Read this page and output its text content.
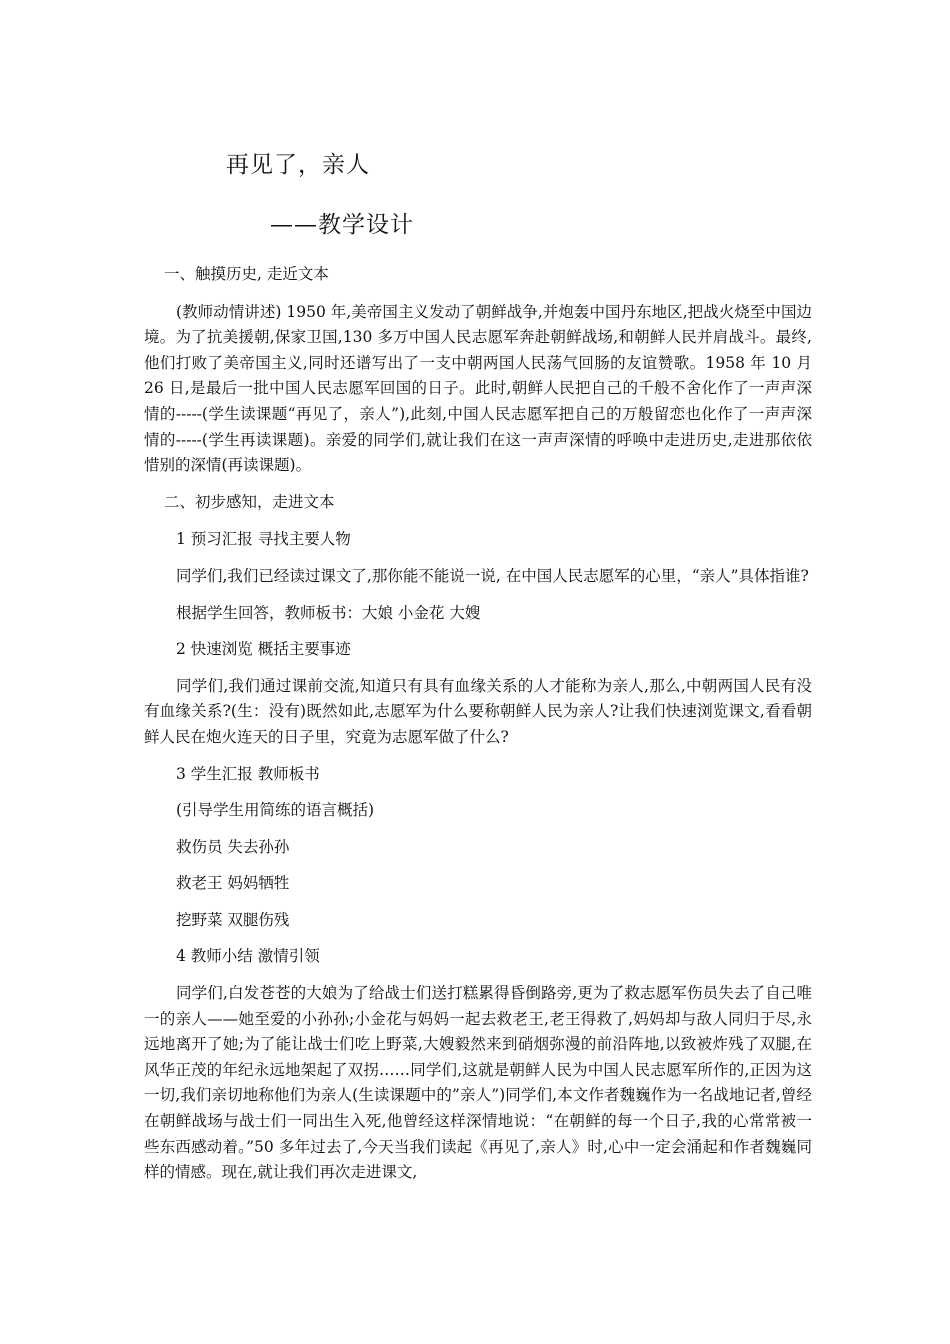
再见了，亲人
——教学设计

一、触摸历史, 走近文本

(教师动情讲述) 1950 年,美帝国主义发动了朝鲜战争,并炮轰中国丹东地区,把战火烧至中国边境。为了抗美援朝,保家卫国,130 多万中国人民志愿军奔赴朝鲜战场,和朝鲜人民并肩战斗。最终,他们打败了美帝国主义,同时还谱写出了一支中朝两国人民荡气回肠的友谊赞歌。1958 年 10 月 26 日,是最后一批中国人民志愿军回国的日子。此时,朝鲜人民把自己的千般不舍化作了一声声深情的-----(学生读课题“再见了，亲人”),此刻,中国人民志愿军把自己的万般留恋也化作了一声声深情的-----(学生再读课题)。亲爱的同学们,就让我们在这一声声深情的呼唤中走进历史,走进那依依惜别的深情(再读课题)。

二、初步感知，走进文本

1 预习汇报 寻找主要人物

同学们,我们已经读过课文了,那你能不能说一说, 在中国人民志愿军的心里，“亲人”具体指谁?

根据学生回答，教师板书：大娘 小金花 大嫂

2 快速浏览 概括主要事迹

同学们,我们通过课前交流,知道只有具有血缘关系的人才能称为亲人,那么,中朝两国人民有没有血缘关系?(生：没有)既然如此,志愿军为什么要称朝鲜人民为亲人?让我们快速浏览课文,看看朝鲜人民在炮火连天的日子里，究竟为志愿军做了什么?

3 学生汇报 教师板书

(引导学生用简练的语言概括)

救伤员 失去孙孙

救老王 妈妈牺牲

挖野菜 双腿伤残

4 教师小结 激情引领

同学们,白发苍苍的大娘为了给战士们送打糕累得昏倒路旁,更为了救志愿军伤员失去了自己唯一的亲人——她至爱的小孙孙;小金花与妈妈一起去救老王,老王得救了,妈妈却与敌人同归于尽,永远地离开了她;为了能让战士们吃上野菜,大嫂毅然来到硝烟弥漫的前沿阵地,以致被炸残了双腿,在风华正茂的年纪永远地架起了双拐……同学们,这就是朝鲜人民为中国人民志愿军所作的,正因为这一切,我们亲切地称他们为亲人(生读课题中的”亲人”)同学们,本文作者魏巍作为一名战地记者,曾经在朝鲜战场与战士们一同出生入死,他曾经这样深情地说：“在朝鲜的每一个日子,我的心常常被一些东西感动着。”50 多年过去了,今天当我们读起《再见了,亲人》时,心中一定会涌起和作者魏巍同样的情感。现在,就让我们再次走进课文,
